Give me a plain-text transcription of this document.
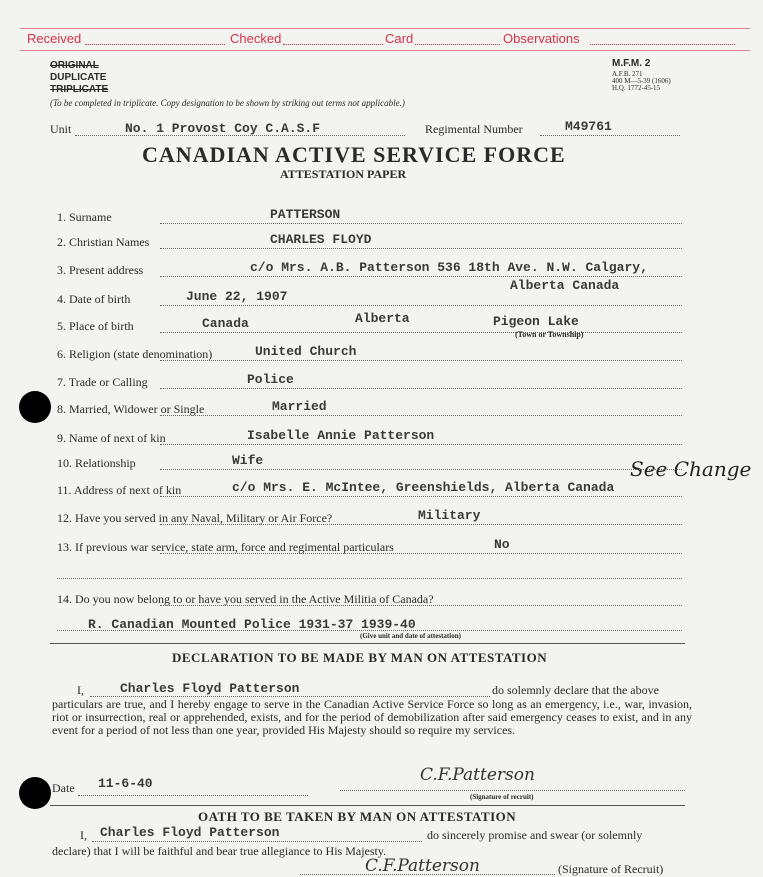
Received	Checked	Card	Observations
ORIGINAL
DUPLICATE
TRIPLICATE
(To be completed in triplicate. Copy designation to be shown by striking out terms not applicable.)
M.F.M. 2
A.F.B. 271
400 M—5-39 (1606)
H.Q. 1772-45-15
Unit	No. 1 Provost Coy C.A.S.F	Regimental Number	M49761
CANADIAN ACTIVE SERVICE FORCE
ATTESTATION PAPER
See Change
DECLARATION TO BE MADE BY MAN ON ATTESTATION
I,	Charles Floyd Patterson	do solemnly declare that the above
particulars are true, and I hereby engage to serve in the Canadian Active Service Force so long as an emergency, i.e., war, invasion, riot or insurrection, real or apprehended, exists, and for the period of demobilization after said emergency ceases to exist, and in any event for a period of not less than one year, provided His Majesty should so require my services.
Date 11-6-40	C.F.Patterson
(Signature of recruit)
OATH TO BE TAKEN BY MAN ON ATTESTATION
I, Charles Floyd Patterson	do sincerely promise and swear (or solemnly
declare) that I will be faithful and bear true allegiance to His Majesty.
C.F.Patterson	(Signature of Recruit)
1. Surname	PATTERSON
2. Christian Names	CHARLES FLOYD
3. Present address	c/o Mrs. A.B. Patterson 536 18th Ave. N.W. Calgary,
Alberta Canada
4. Date of birth	June 22, 1907
5. Place of birth	Canada	Alberta	Pigeon Lake
(Town or Township)
6. Religion (state denomination)	United Church
7. Trade or Calling	Police
8. Married, Widower or Single	Married
9. Name of next of kin	Isabelle Annie Patterson
10. Relationship	Wife
11. Address of next of kin	c/o Mrs. E. McIntee, Greenshields, Alberta Canada
12. Have you served in any Naval, Military or Air Force?	Military
13. If previous war service, state arm, force and regimental particulars	No
14. Do you now belong to or have you served in the Active Militia of Canada?
R. Canadian Mounted Police 1931-37 1939-40
(Give unit and date of attestation)
